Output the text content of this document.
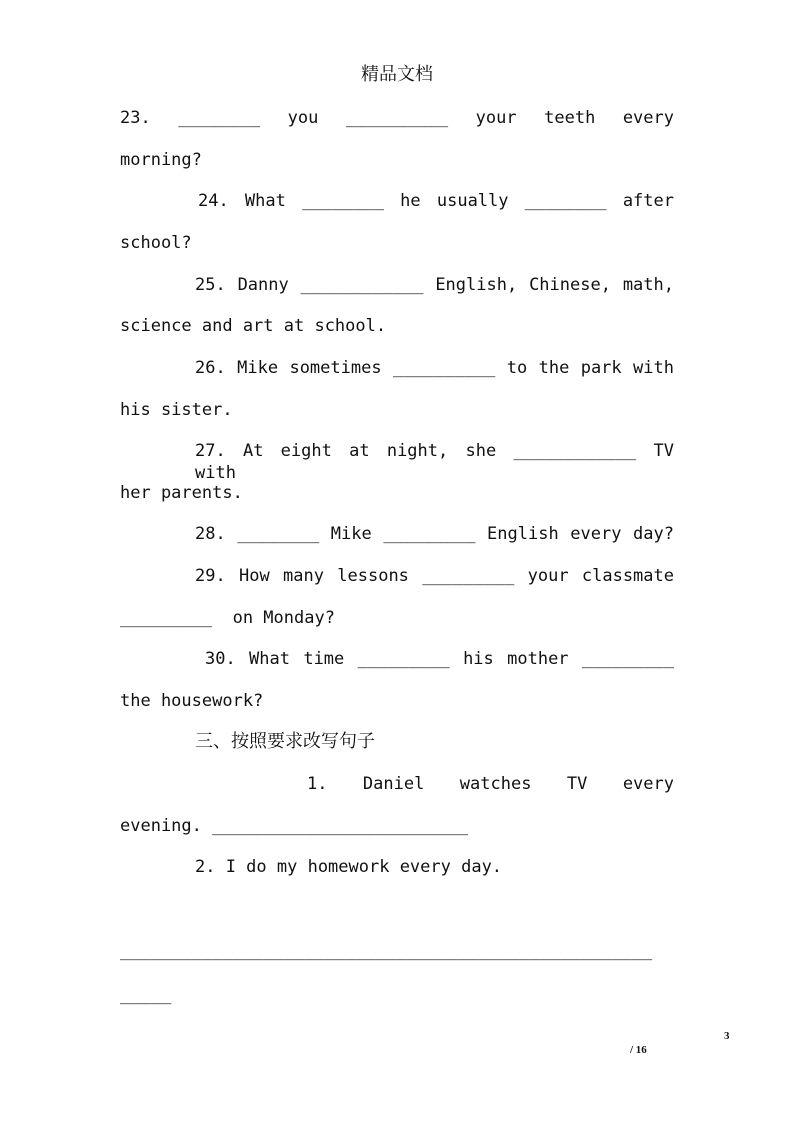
精品文档
23. ________ you __________ your teeth every
morning?
24. What ________ he usually ________ after
school?
25. Danny ____________ English, Chinese, math,
science and art at school.
26. Mike sometimes __________ to the park with
his sister.
27. At eight at night, she ____________ TV with
her parents.
28. ________ Mike _________ English every day?
29. How many lessons _________ your classmate
_________  on Monday?
30. What time _________ his mother _________
the housework?
三、按照要求改写句子
1. Daniel watches TV every
evening. _________________________
2. I do my homework every day.
____________________________________________________
_____
3
/ 16
